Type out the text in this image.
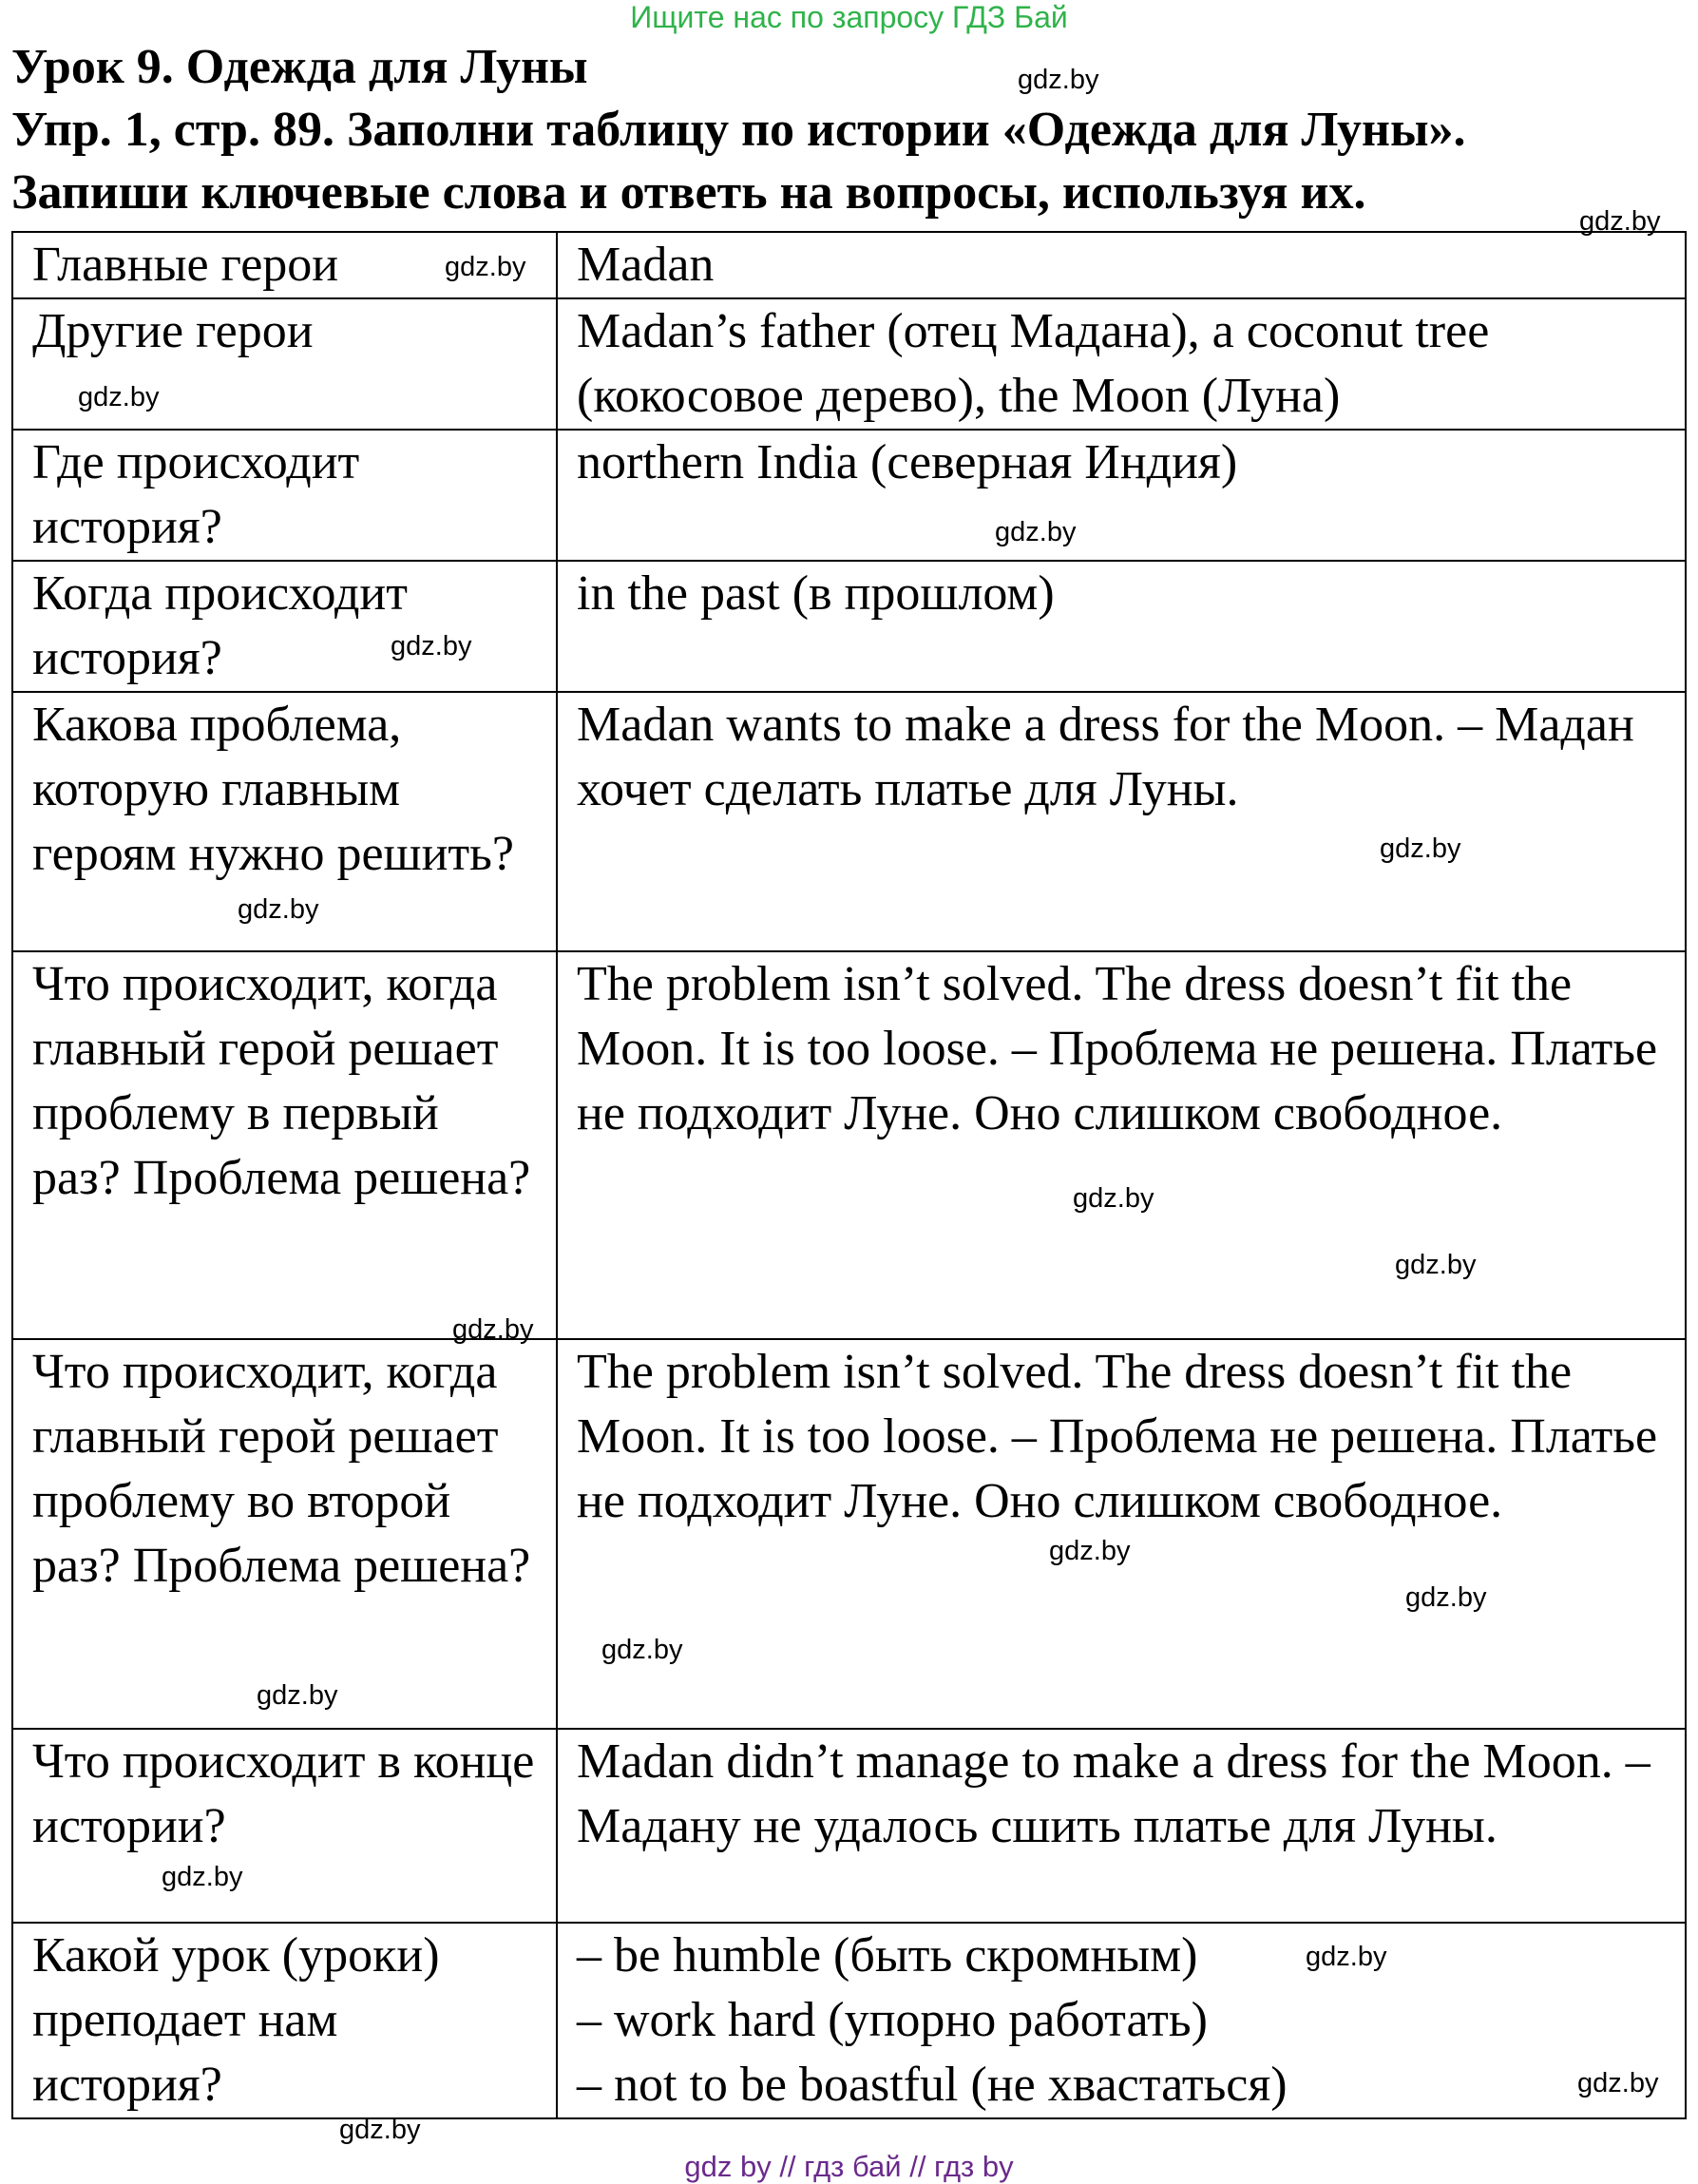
Ищите нас по запросу ГДЗ Бай
Урок 9. Одежда для Луны
Упр. 1, стр. 89. Заполни таблицу по истории «Одежда для Луны».
Запиши ключевые слова и ответь на вопросы, используя их.
Главные герои	Madan
Другие герои	Madan’s father (отец Мадана), a coconut tree (кокосовое дерево), the Moon (Луна)
Где происходит история?	northern India (северная Индия)
Когда происходит история?	in the past (в прошлом)
Какова проблема, которую главным героям нужно решить?	Madan wants to make a dress for the Moon. – Мадан хочет сделать платье для Луны.
Что происходит, когда главный герой решает проблему в первый раз? Проблема решена?	The problem isn’t solved. The dress doesn’t fit the Moon. It is too loose. – Проблема не решена. Платье не подходит Луне. Оно слишком свободное.
Что происходит, когда главный герой решает проблему во второй раз? Проблема решена?	The problem isn’t solved. The dress doesn’t fit the Moon. It is too loose. – Проблема не решена. Платье не подходит Луне. Оно слишком свободное.
Что происходит в конце истории?	Madan didn’t manage to make a dress for the Moon. – Мадану не удалось сшить платье для Луны.
Какой урок (уроки) преподает нам история?	– be humble (быть скромным)
– work hard (упорно работать)
– not to be boastful (не хвастаться)
gdz.by
gdz.by
gdz.by
gdz.by
gdz.by
gdz.by
gdz.by
gdz.by
gdz.by
gdz.by
gdz.by
gdz.by
gdz.by
gdz.by
gdz.by
gdz.by
gdz.by
gdz.by
gdz.by
gdz by // гдз бай // гдз by
